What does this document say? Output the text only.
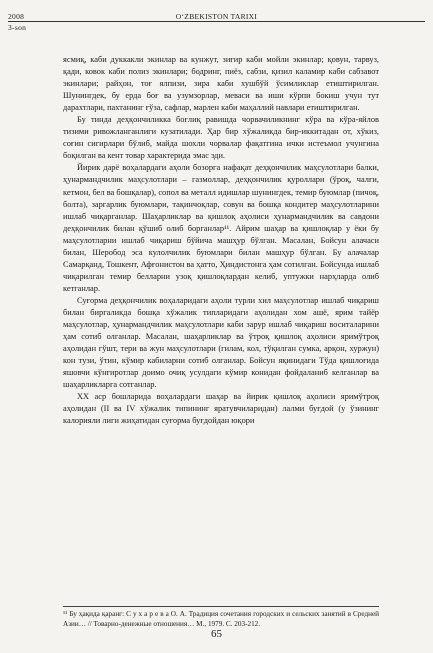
2008	O‘ZBEKISTON TARIXI
3-son

ясмиқ, каби дуккакли экинлар ва кунжут, зиғир каби мойли экинлар; қовун, тарвуз, қади, ковок каби полиз экинлари; бодринг, пиёз, сабзи, қизил каламир каби сабзавот экинлари; райҳон, тоғ ялпизи, зира каби хушбўй ўсимликлар етиштирилган. Шунингдек, бу ерда боғ ва узумзорлар, меваси ва иши кўрпи бокиш учун тут дарахтлари, пахтанинг ғўза, сафлар, марлен каби маҳаллий навлари етиштирилган.

Бу тинда деҳқончиликка боғлиқ равишда чорвачиликнинг кўра ва кўра-яйлов тизими ривожланганлиги кузатилади. Ҳар бир хўжаликда бир-иккитадан от, хўкиз, соғин сигирлари бўлиб, майда шохли чорвалар фақатгина ички истеъмол учунгина боқилган ва кент товар характерида эмас эди.

Йирик дарё воҳалардаги аҳоли бозорга нафақат деҳқончилик маҳсулотлари балки, ҳунармандчилик маҳсулотлари – газмоллар, деҳқончилик қуроллари (ўроқ, чалғи, кетмон, бел ва бошқалар), сопол ва металл идишлар шунингдек, темир буюмлар (пичоқ, болта), заргарлик буюмлари, тақинчоқлар, совун ва бошқа кондитер маҳсулотларини ишлаб чиқарганлар. Шаҳарликлар ва қишлоқ аҳолиси ҳунармандчилик ва савдони деҳқончилик билан қўшиб олиб борганлар¹¹. Айрим шаҳар ва қишлоқлар у ёки бу маҳсулотларни ишлаб чиқариш бўйича машҳур бўлган. Масалан, Бойсун алачаси билан, Шеробод эса кулолчилик буюмлари билан машҳур бўлган. Бу алачалар Самарқанд, Тошкент, Афғонистон ва ҳатто, Ҳиндистонга ҳам сотилган. Бойсунда ишлаб чиқарилган темир белларни узоқ қишлоқлардан келиб, уптужки нарҳларда олиб кетганлар.

Суғорма деҳқончилик воҳаларидаги аҳоли турли хил маҳсулотлар ишлаб чиқариш билан биргаликда бошқа хўжалик типларидаги аҳолидан хом ашё, ярим тайёр маҳсулотлар, ҳунармандчилик маҳсулотлари каби зарур ишлаб чиқариш воситаларини ҳам сотиб олганлар. Масалан, шаҳарликлар ва ўтроқ қишлоқ аҳолиси яримўтроқ аҳолидан гўшт, тери ва жун маҳсулотлари (гилам, кол, тўқилган сумка, арқон, хуржун) кон тузи, ўтин, кўмир кабиларни сотиб олганлар. Бойсун яқинидаги Тўда қишлоғида яшовчи кўнғиротлар доимо очиқ усулдаги кўмир конидан фойдаланиб келганлар ва шаҳарликларга сотганлар.

XX аср бошларида воҳалардаги шаҳар ва йирик қишлоқ аҳолиси яримўтроқ аҳолидан (II ва IV хўжалик типининг яратувчиларидан) лалми буғдой (у ўзининг калорияли лиги жиҳатидан суғорма буғдойдан юқори

¹¹ Бу ҳақида қаранг: С у х а р е в а О. А. Традиция сочетания городских и сельских занятий в Средней Азии… // Товарно-денежные отношения… М., 1979. С. 203-212.
65
